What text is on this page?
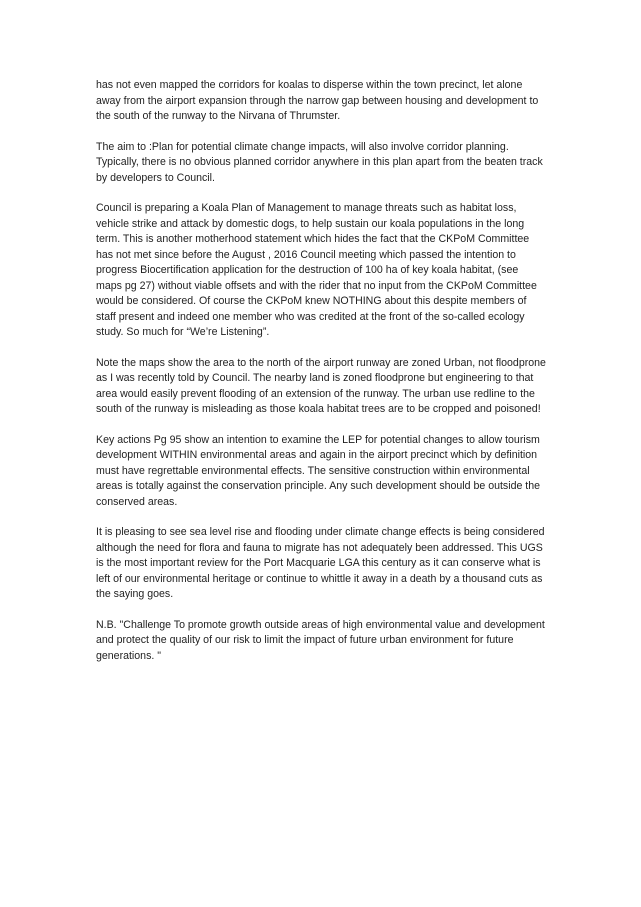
has not even mapped the corridors for koalas to disperse within the town precinct, let alone away from the airport expansion through the narrow gap between housing and development to the south of the runway to the Nirvana of Thrumster.

The aim to :Plan for potential climate change impacts, will also involve corridor planning. Typically, there is no obvious planned corridor anywhere in this plan apart from the beaten track by developers to Council.

Council is preparing a Koala Plan of Management to manage threats such as habitat loss, vehicle strike and attack by domestic dogs, to help sustain our koala populations in the long term. This is another motherhood statement which hides the fact that the CKPoM Committee has not met since before the August , 2016 Council meeting which passed the intention to progress Biocertification application for the destruction of 100 ha of key koala habitat, (see maps pg 27) without viable offsets and with the rider that no input from the CKPoM Committee would be considered. Of course the CKPoM knew NOTHING about this despite members of staff present and indeed one member who was credited at the front of the so-called ecology study. So much for “We’re Listening”.

Note the maps show the area to the north of the airport runway are zoned Urban, not floodprone as I was recently told by Council. The nearby land is zoned floodprone but engineering to that area would easily prevent flooding of an extension of the runway. The urban use redline to the south of the runway is misleading as those koala habitat trees are to be cropped and poisoned!

Key actions Pg 95 show an intention to examine the LEP for potential changes to allow tourism development WITHIN environmental areas and again in the airport precinct which by definition must have regrettable environmental effects. The sensitive construction within environmental areas is totally against the conservation principle. Any such development should be outside the conserved areas.

It is pleasing to see sea level rise and flooding under climate change effects is being considered although the need for flora and fauna to migrate has not adequately been addressed. This UGS is the most important review for the Port Macquarie LGA this century as it can conserve what is left of our environmental heritage or continue to whittle it away in a death by a thousand cuts as the saying goes.

N.B. "Challenge To promote growth outside areas of high environmental value and development and protect the quality of our risk to limit the impact of future urban environment for future generations. "
